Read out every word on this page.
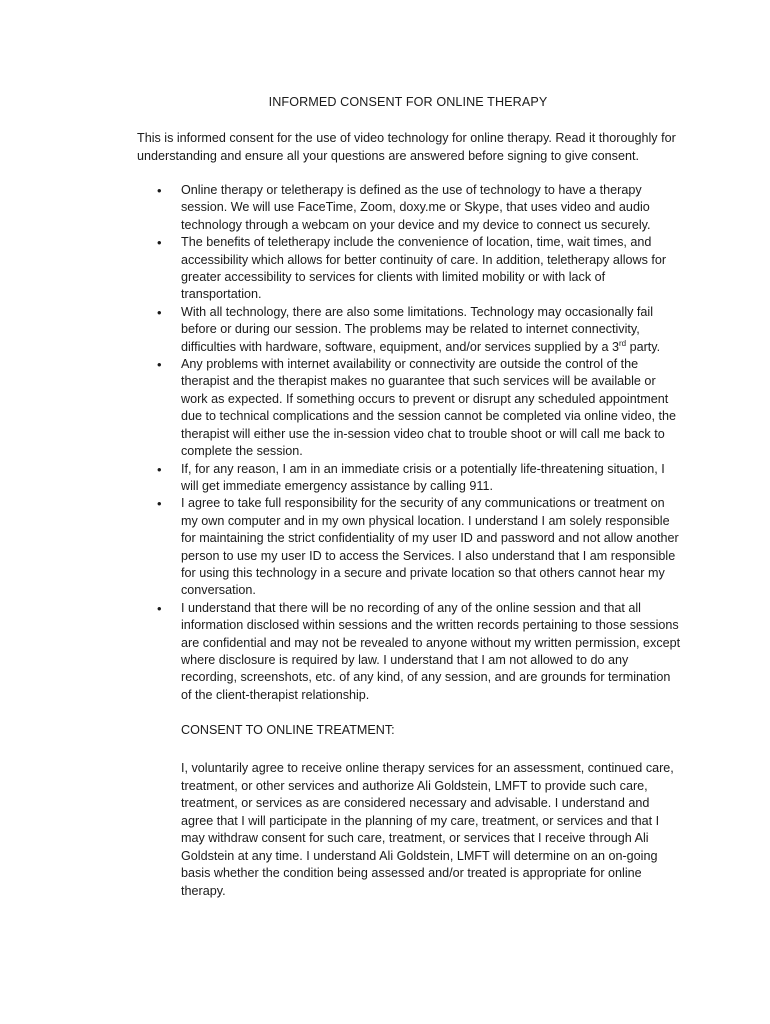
INFORMED CONSENT FOR ONLINE THERAPY
This is informed consent for the use of video technology for online therapy. Read it thoroughly for understanding and ensure all your questions are answered before signing to give consent.
• Online therapy or teletherapy is defined as the use of technology to have a therapy session. We will use FaceTime, Zoom, doxy.me or Skype, that uses video and audio technology through a webcam on your device and my device to connect us securely.
• The benefits of teletherapy include the convenience of location, time, wait times, and accessibility which allows for better continuity of care. In addition, teletherapy allows for greater accessibility to services for clients with limited mobility or with lack of transportation.
• With all technology, there are also some limitations. Technology may occasionally fail before or during our session. The problems may be related to internet connectivity, difficulties with hardware, software, equipment, and/or services supplied by a 3rd party.
• Any problems with internet availability or connectivity are outside the control of the therapist and the therapist makes no guarantee that such services will be available or work as expected. If something occurs to prevent or disrupt any scheduled appointment due to technical complications and the session cannot be completed via online video, the therapist will either use the in-session video chat to trouble shoot or will call me back to complete the session.
• If, for any reason, I am in an immediate crisis or a potentially life-threatening situation, I will get immediate emergency assistance by calling 911.
• I agree to take full responsibility for the security of any communications or treatment on my own computer and in my own physical location. I understand I am solely responsible for maintaining the strict confidentiality of my user ID and password and not allow another person to use my user ID to access the Services. I also understand that I am responsible for using this technology in a secure and private location so that others cannot hear my conversation.
• I understand that there will be no recording of any of the online session and that all information disclosed within sessions and the written records pertaining to those sessions are confidential and may not be revealed to anyone without my written permission, except where disclosure is required by law. I understand that I am not allowed to do any recording, screenshots, etc. of any kind, of any session, and are grounds for termination of the client-therapist relationship.
CONSENT TO ONLINE TREATMENT:
I, voluntarily agree to receive online therapy services for an assessment, continued care, treatment, or other services and authorize Ali Goldstein, LMFT to provide such care, treatment, or services as are considered necessary and advisable. I understand and agree that I will participate in the planning of my care, treatment, or services and that I may withdraw consent for such care, treatment, or services that I receive through Ali Goldstein at any time. I understand Ali Goldstein, LMFT will determine on an on-going basis whether the condition being assessed and/or treated is appropriate for online therapy.
